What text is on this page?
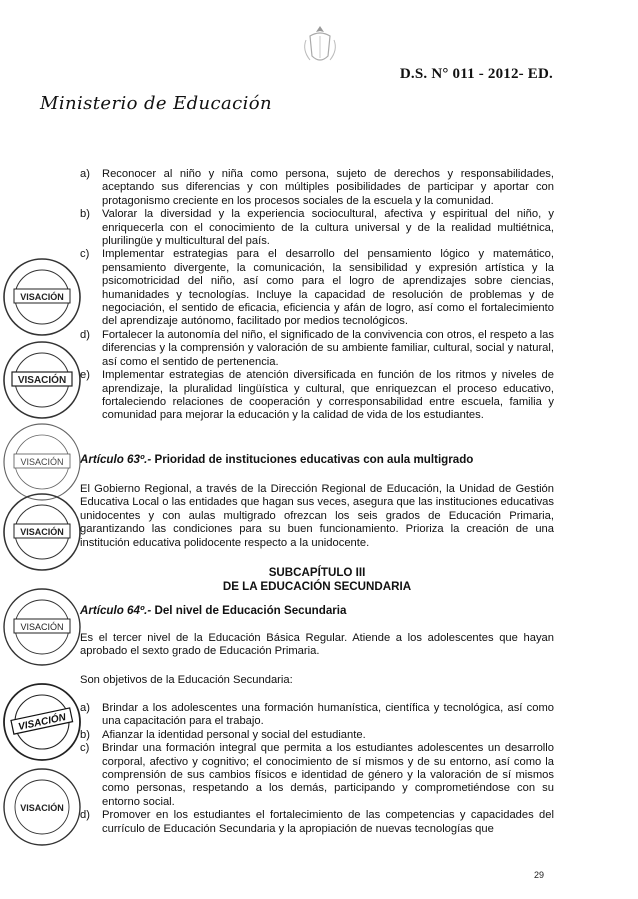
D.S. N° 011 - 2012- ED.
Ministerio de Educación
a)	Reconocer al niño y niña como persona, sujeto de derechos y responsabilidades, aceptando sus diferencias y con múltiples posibilidades de participar y aportar con protagonismo creciente en los procesos sociales de la escuela y la comunidad.
b)	Valorar la diversidad y la experiencia sociocultural, afectiva y espiritual del niño, y enriquecerla con el conocimiento de la cultura universal y de la realidad multiétnica, plurilingüe y multicultural del país.
c)	Implementar estrategias para el desarrollo del pensamiento lógico y matemático, pensamiento divergente, la comunicación, la sensibilidad y expresión artística y la psicomotricidad del niño, así como para el logro de aprendizajes sobre ciencias, humanidades y tecnologías. Incluye la capacidad de resolución de problemas y de negociación, el sentido de eficacia, eficiencia y afán de logro, así como el fortalecimiento del aprendizaje autónomo, facilitado por medios tecnológicos.
d)	Fortalecer la autonomía del niño, el significado de la convivencia con otros, el respeto a las diferencias y la comprensión y valoración de su ambiente familiar, cultural, social y natural, así como el sentido de pertenencia.
e)	Implementar estrategias de atención diversificada en función de los ritmos y niveles de aprendizaje, la pluralidad lingüística y cultural, que enriquezcan el proceso educativo, fortaleciendo relaciones de cooperación y corresponsabilidad entre escuela, familia y comunidad para mejorar la educación y la calidad de vida de los estudiantes.
Artículo 63º.- Prioridad de instituciones educativas con aula multigrado

El Gobierno Regional, a través de la Dirección Regional de Educación, la Unidad de Gestión Educativa Local o las entidades que hagan sus veces, asegura que las instituciones educativas unidocentes y con aulas multigrado ofrezcan los seis grados de Educación Primaria, garantizando las condiciones para su buen funcionamiento. Prioriza la creación de una institución educativa polidocente respecto a la unidocente.

SUBCAPÍTULO III
DE LA EDUCACIÓN SECUNDARIA
Artículo 64º.- Del nivel de Educación Secundaria

Es el tercer nivel de la Educación Básica Regular. Atiende a los adolescentes que hayan aprobado el sexto grado de Educación Primaria.

Son objetivos de la Educación Secundaria:

a)	Brindar a los adolescentes una formación humanística, científica y tecnológica, así como una capacitación para el trabajo.
b)	Afianzar la identidad personal y social del estudiante.
c)	Brindar una formación integral que permita a los estudiantes adolescentes un desarrollo corporal, afectivo y cognitivo; el conocimiento de sí mismos y de su entorno, así como la comprensión de sus cambios físicos e identidad de género y la valoración de sí mismos como personas, respetando a los demás, participando y comprometiéndose con su entorno social.
d)	Promover en los estudiantes el fortalecimiento de las competencias y capacidades del currículo de Educación Secundaria y la apropiación de nuevas tecnologías que
29
VISACIÓN
VISACIÓN
VISACIÓN
VISACIÓN
VISACIÓN
VISACIÓN
VISACIÓN
